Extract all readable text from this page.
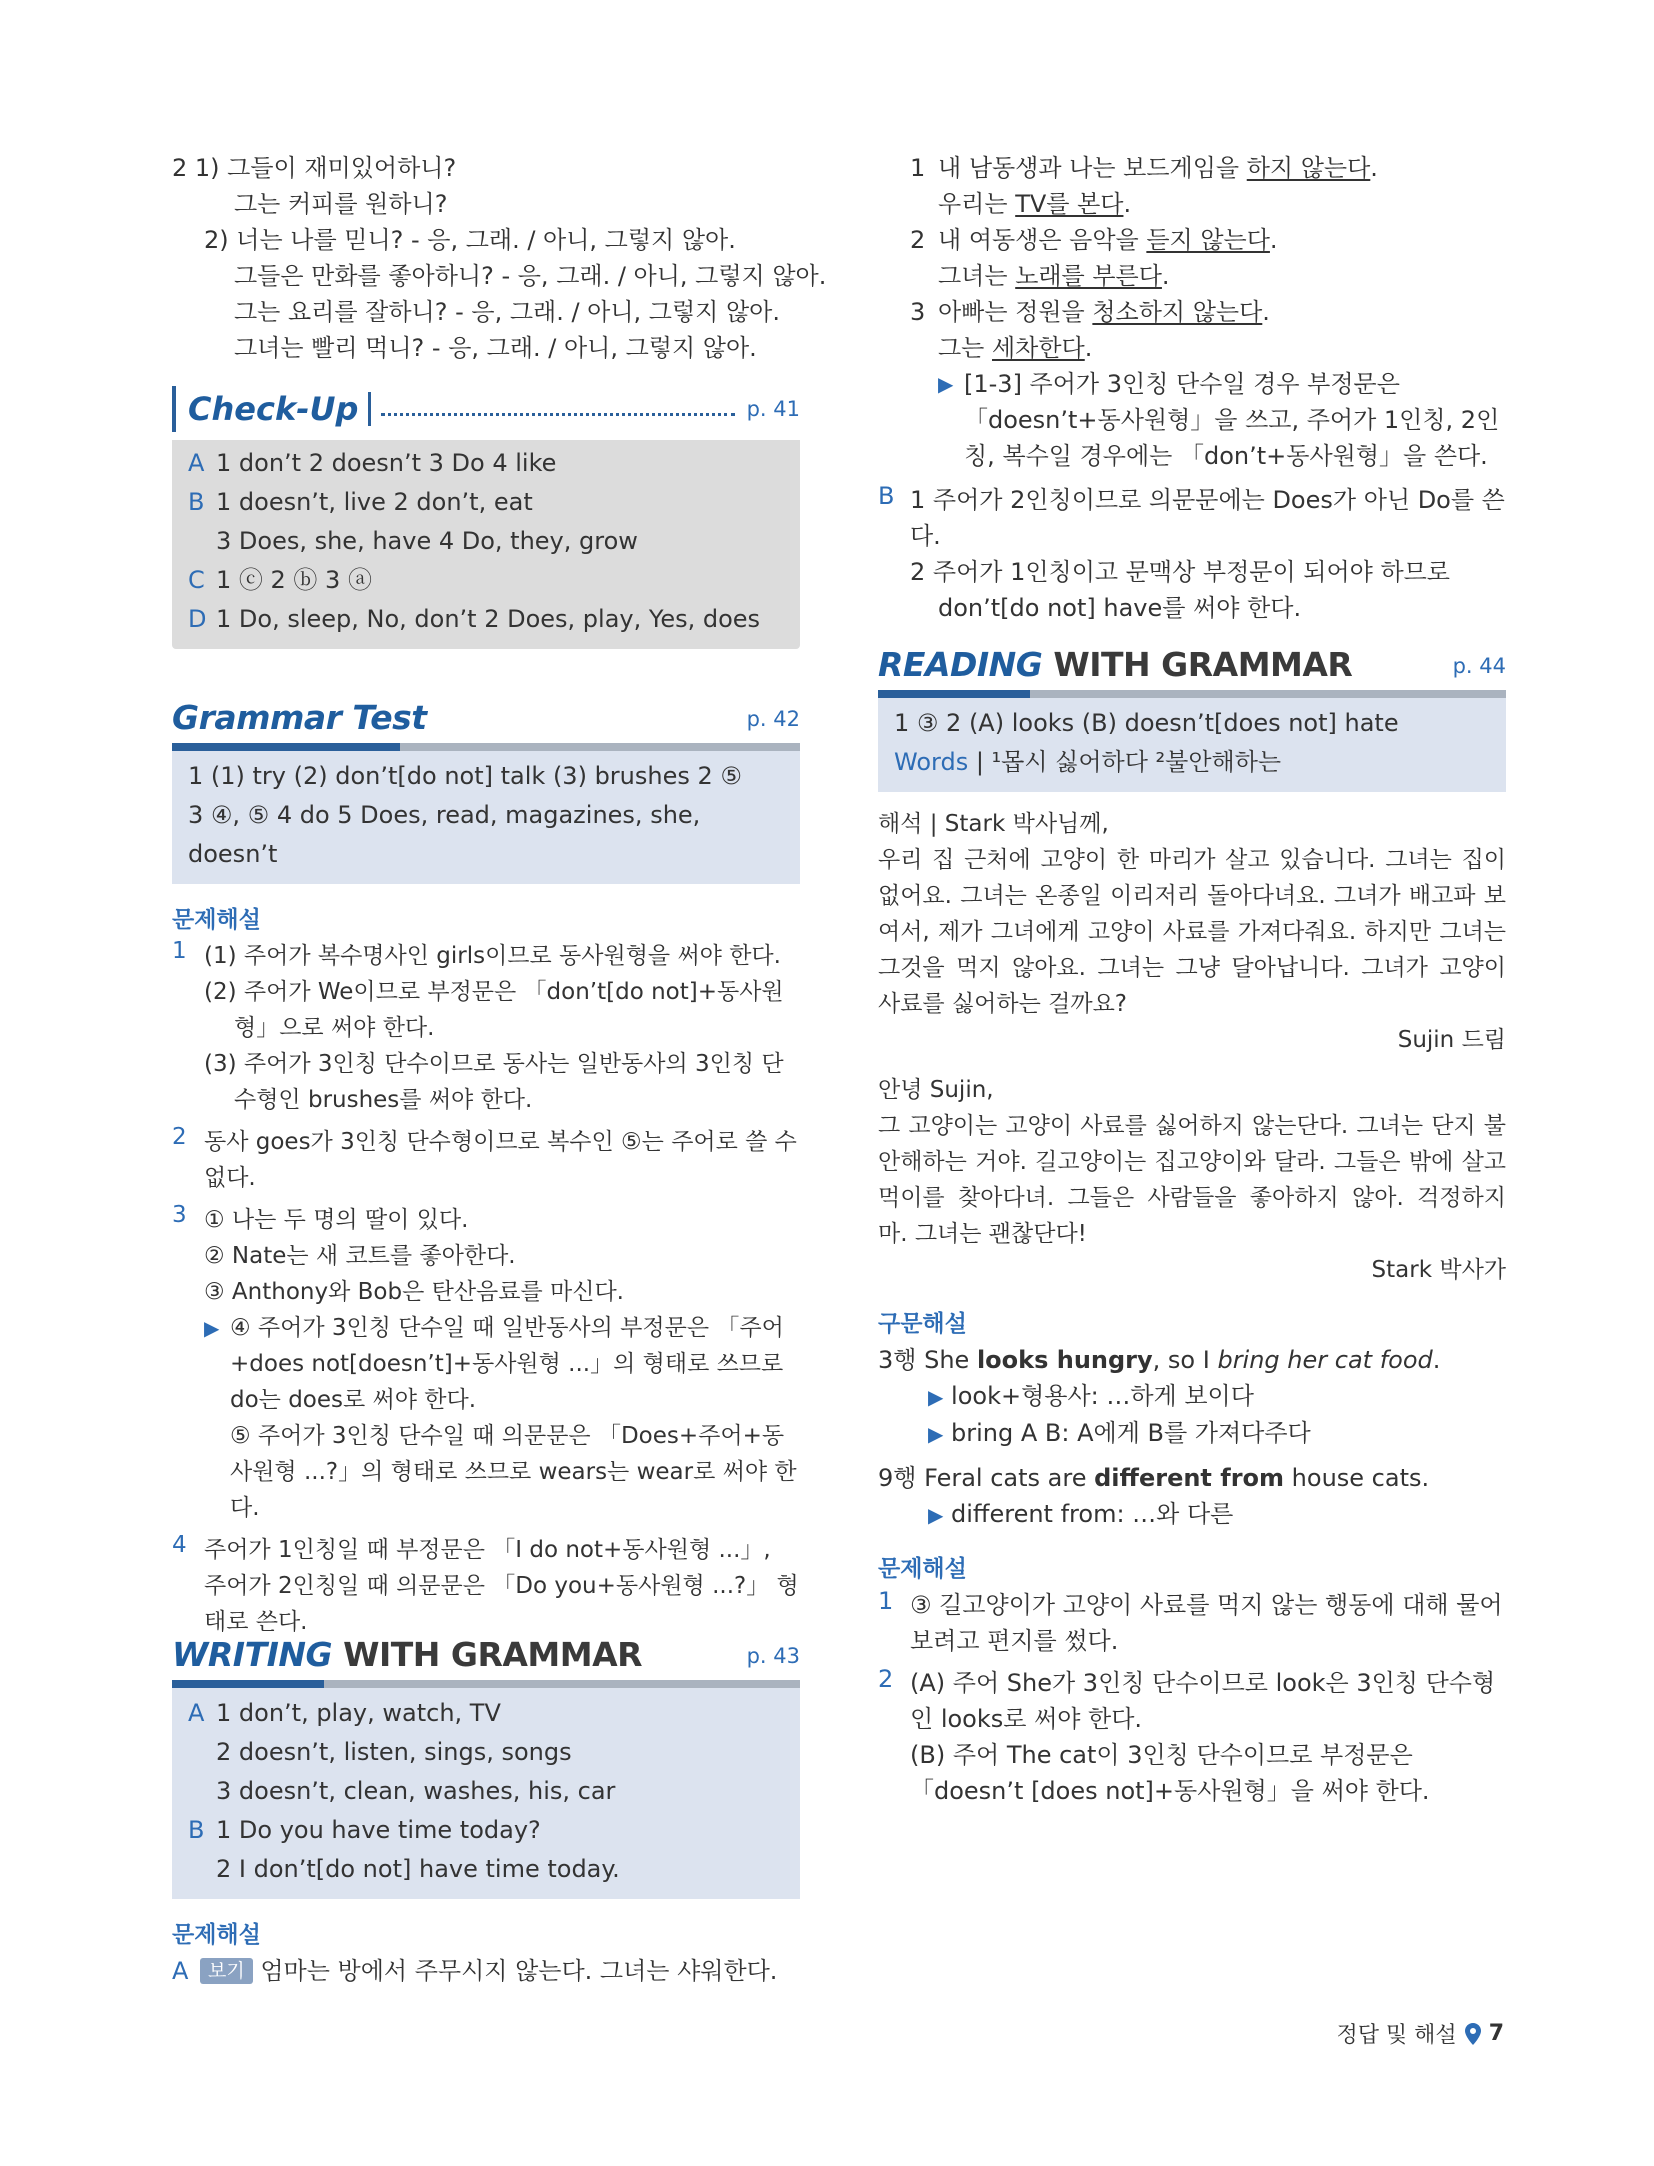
2 1) 그들이 재미있어하니?
그는 커피를 원하니?
2) 너는 나를 믿니? - 응, 그래. / 아니, 그렇지 않아.
그들은 만화를 좋아하니? - 응, 그래. / 아니, 그렇지 않아.
그는 요리를 잘하니? - 응, 그래. / 아니, 그렇지 않아.
그녀는 빨리 먹니? - 응, 그래. / 아니, 그렇지 않아.
Check-Up	p. 41
A 1 don’t 2 doesn’t 3 Do 4 like
B 1 doesn’t, live 2 don’t, eat
3 Does, she, have 4 Do, they, grow
C 1 ⓒ 2 ⓑ 3 ⓐ
D 1 Do, sleep, No, don’t 2 Does, play, Yes, does
Grammar Test	p. 42
1 (1) try (2) don’t[do not] talk (3) brushes 2 ⑤
3 ④, ⑤ 4 do 5 Does, read, magazines, she,
doesn’t
문제해설
1 (1) 주어가 복수명사인 girls이므로 동사원형을 써야 한다.
(2) 주어가 We이므로 부정문은 「don’t[do not]+동사원형」으로 써야 한다.
(3) 주어가 3인칭 단수이므로 동사는 일반동사의 3인칭 단수형인 brushes를 써야 한다.
2 동사 goes가 3인칭 단수형이므로 복수인 ⑤는 주어로 쓸 수 없다.
3 ① 나는 두 명의 딸이 있다.
② Nate는 새 코트를 좋아한다.
③ Anthony와 Bob은 탄산음료를 마신다.
▶ ④ 주어가 3인칭 단수일 때 일반동사의 부정문은 「주어+does not[doesn’t]+동사원형 ...」의 형태로 쓰므로 do는 does로 써야 한다.
⑤ 주어가 3인칭 단수일 때 의문문은 「Does+주어+동사원형 ...?」의 형태로 쓰므로 wears는 wear로 써야 한다.
4 주어가 1인칭일 때 부정문은 「I do not+동사원형 ...」, 주어가 2인칭일 때 의문문은 「Do you+동사원형 ...?」 형태로 쓴다.
WRITING WITH GRAMMAR	p. 43
A 1 don’t, play, watch, TV
2 doesn’t, listen, sings, songs
3 doesn’t, clean, washes, his, car
B 1 Do you have time today?
2 I don’t[do not] have time today.
문제해설
A 보기 엄마는 방에서 주무시지 않는다. 그녀는 샤워한다.
1 내 남동생과 나는 보드게임을 하지 않는다.
우리는 TV를 본다.
2 내 여동생은 음악을 듣지 않는다.
그녀는 노래를 부른다.
3 아빠는 정원을 청소하지 않는다.
그는 세차한다.
▶ [1-3] 주어가 3인칭 단수일 경우 부정문은 「doesn’t+동사원형」을 쓰고, 주어가 1인칭, 2인칭, 복수일 경우에는 「don’t+동사원형」을 쓴다.
B 1 주어가 2인칭이므로 의문문에는 Does가 아닌 Do를 쓴다.
2 주어가 1인칭이고 문맥상 부정문이 되어야 하므로 don’t[do not] have를 써야 한다.
READING WITH GRAMMAR	p. 44
1 ③ 2 (A) looks (B) doesn’t[does not] hate
Words | ¹몹시 싫어하다 ²불안해하는
해석 | Stark 박사님께,
우리 집 근처에 고양이 한 마리가 살고 있습니다. 그녀는 집이 없어요. 그녀는 온종일 이리저리 돌아다녀요. 그녀가 배고파 보여서, 제가 그녀에게 고양이 사료를 가져다줘요. 하지만 그녀는 그것을 먹지 않아요. 그녀는 그냥 달아납니다. 그녀가 고양이 사료를 싫어하는 걸까요?
Sujin 드림
안녕 Sujin,
그 고양이는 고양이 사료를 싫어하지 않는단다. 그녀는 단지 불안해하는 거야. 길고양이는 집고양이와 달라. 그들은 밖에 살고 먹이를 찾아다녀. 그들은 사람들을 좋아하지 않아. 걱정하지 마. 그녀는 괜찮단다!
Stark 박사가
구문해설
3행 She looks hungry, so I bring her cat food.
▶ look+형용사: …하게 보이다
▶ bring A B: A에게 B를 가져다주다
9행 Feral cats are different from house cats.
▶ different from: …와 다른
문제해설
1 ③ 길고양이가 고양이 사료를 먹지 않는 행동에 대해 물어보려고 편지를 썼다.
2 (A) 주어 She가 3인칭 단수이므로 look은 3인칭 단수형인 looks로 써야 한다.
(B) 주어 The cat이 3인칭 단수이므로 부정문은 「doesn’t [does not]+동사원형」을 써야 한다.
정답 및 해설 7
